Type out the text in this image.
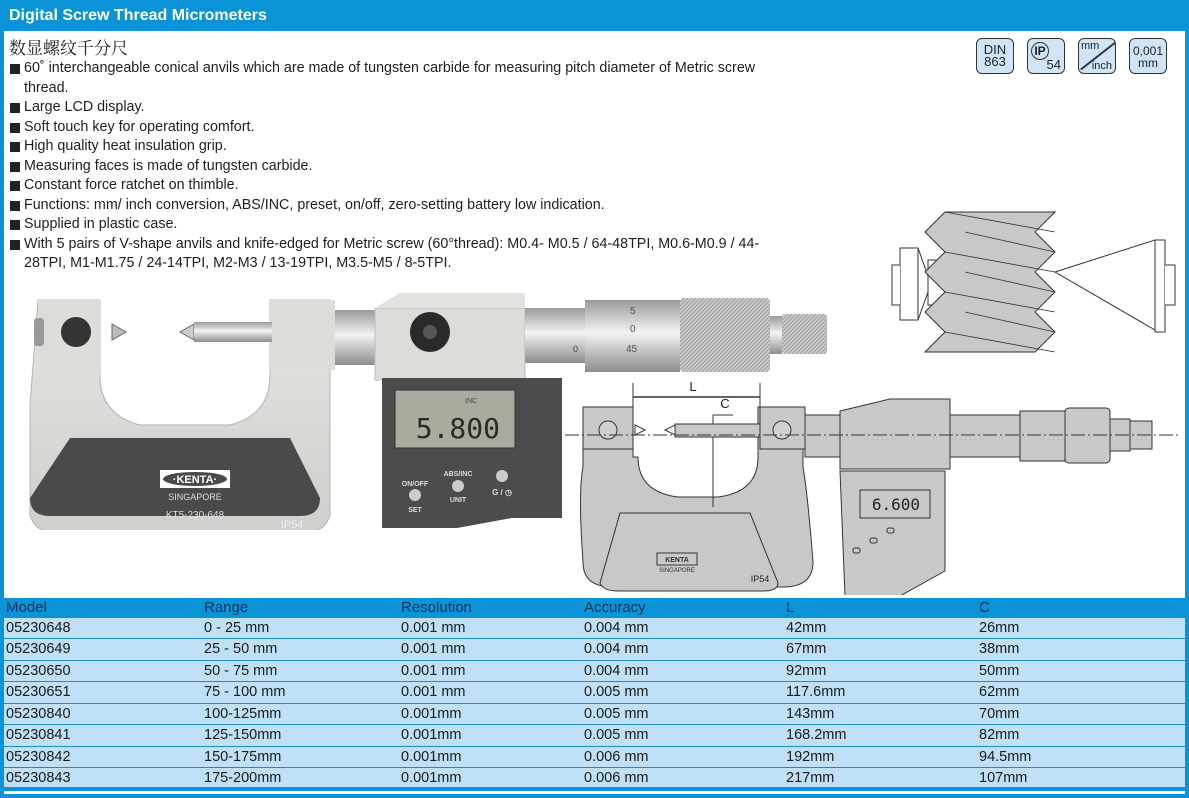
Digital Screw Thread Micrometers
数显螺纹千分尺
60˚ interchangeable conical anvils which are made of tungsten carbide for measuring pitch diameter of Metric screw thread.
Large LCD display.
Soft touch key for operating comfort.
High quality heat insulation grip.
Measuring faces is made of tungsten carbide.
Constant force ratchet on thimble.
Functions: mm/ inch conversion, ABS/INC, preset, on/off, zero-setting battery low indication.
Supplied in plastic case.
With 5 pairs of V-shape anvils and knife-edged for Metric screw (60°thread): M0.4- M0.5 / 64-48TPI, M0.6-M0.9 / 44-28TPI, M1-M1.75 / 24-14TPI, M2-M3 / 13-19TPI, M3.5-M5 / 8-5TPI.
DIN
863
IP
54
mm
inch
0,001
mm
·KENTA·
SINGAPORE
KT5-230-648
IP54
0
5
0
45
INC
5.800
ON/OFF
SET
ABS/INC
UNIT
G / ◷
L
C
6.600
KENTA
SINGAPORE
IP54
Model	Range	Resolution	Accuracy	L	C
05230648	0 - 25 mm	0.001 mm	0.004 mm	42mm	26mm
05230649	25 - 50 mm	0.001 mm	0.004 mm	67mm	38mm
05230650	50 - 75 mm	0.001 mm	0.004 mm	92mm	50mm
05230651	75 - 100 mm	0.001 mm	0.005 mm	117.6mm	62mm
05230840	100-125mm	0.001mm	0.005 mm	143mm	70mm
05230841	125-150mm	0.001mm	0.005 mm	168.2mm	82mm
05230842	150-175mm	0.001mm	0.006 mm	192mm	94.5mm
05230843	175-200mm	0.001mm	0.006 mm	217mm	107mm
